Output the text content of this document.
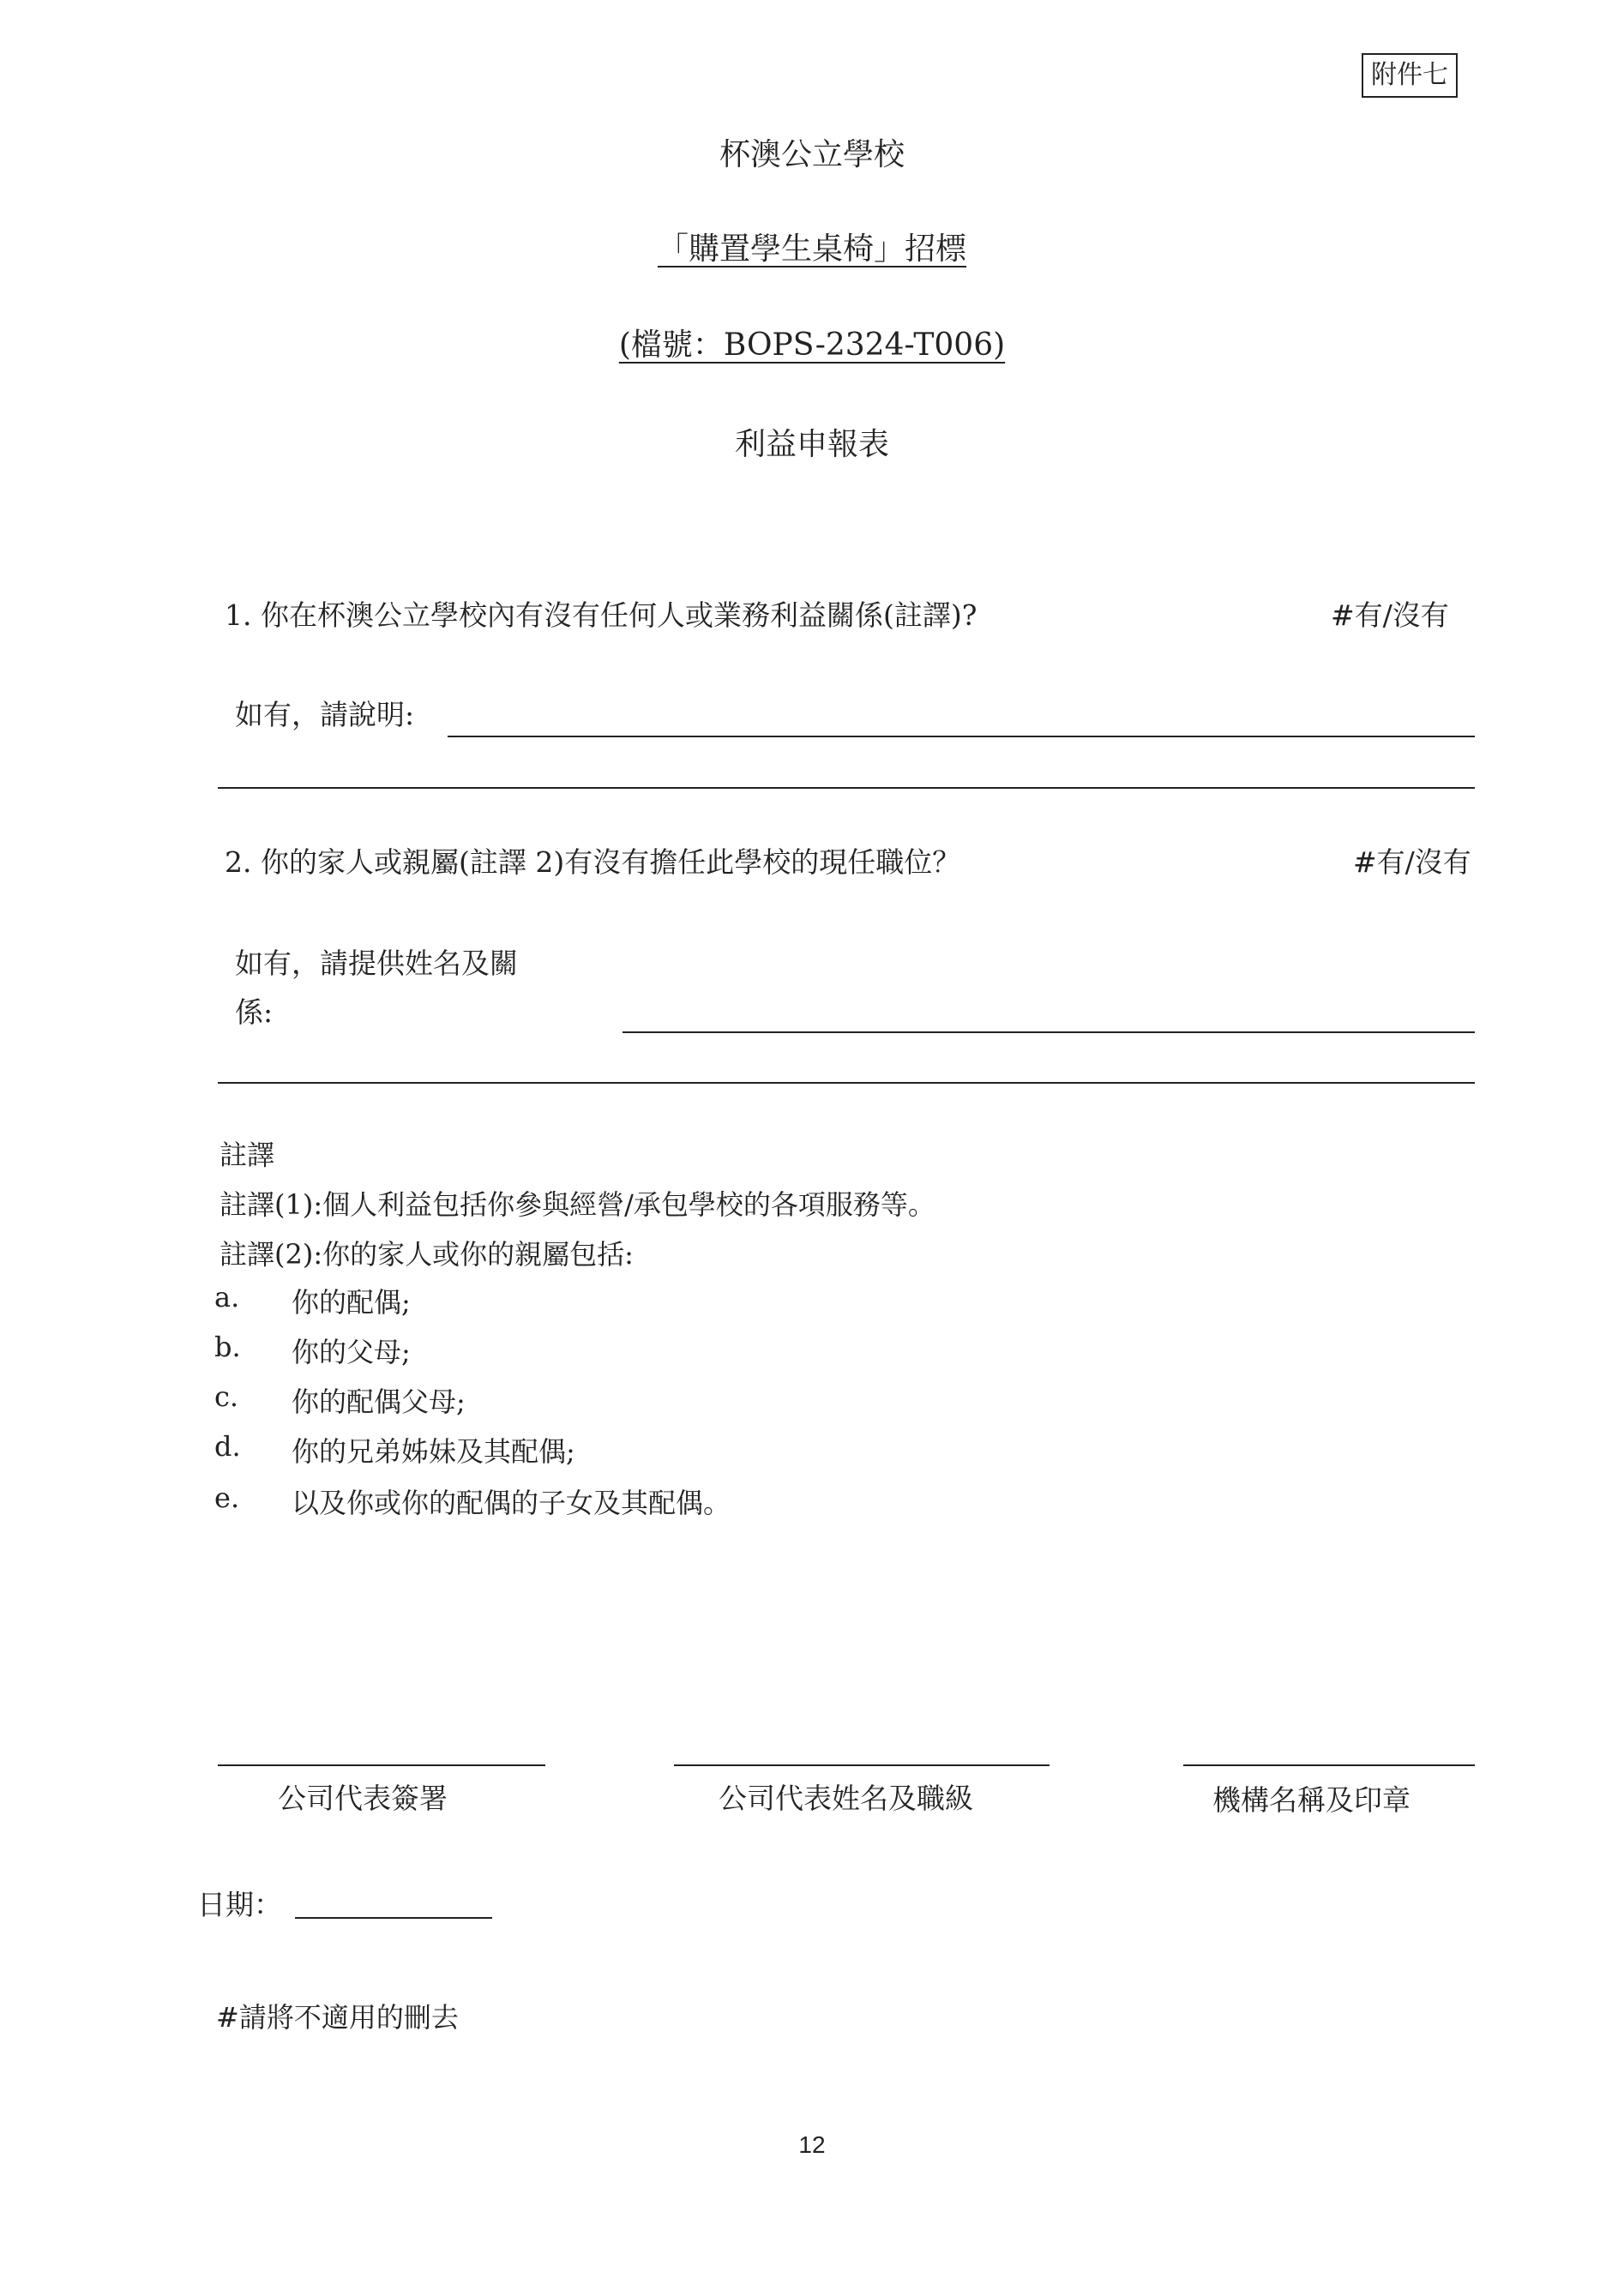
附件七
杯澳公立學校
「購置學生桌椅」招標
(檔號：BOPS-2324-T006)
利益申報表
1. 你在杯澳公立學校內有沒有任何人或業務利益關係(註譯)?	#有/沒有
如有，請說明:
2. 你的家人或親屬(註譯 2)有沒有擔任此學校的現任職位？	#有/沒有
如有，請提供姓名及關
係:
註譯
註譯(1):個人利益包括你參與經營/承包學校的各項服務等。
註譯(2):你的家人或你的親屬包括:
a. 你的配偶;
b. 你的父母;
c. 你的配偶父母;
d. 你的兄弟姊妹及其配偶;
e. 以及你或你的配偶的子女及其配偶。
公司代表簽署	公司代表姓名及職級	機構名稱及印章
日期：
#請將不適用的刪去
12
